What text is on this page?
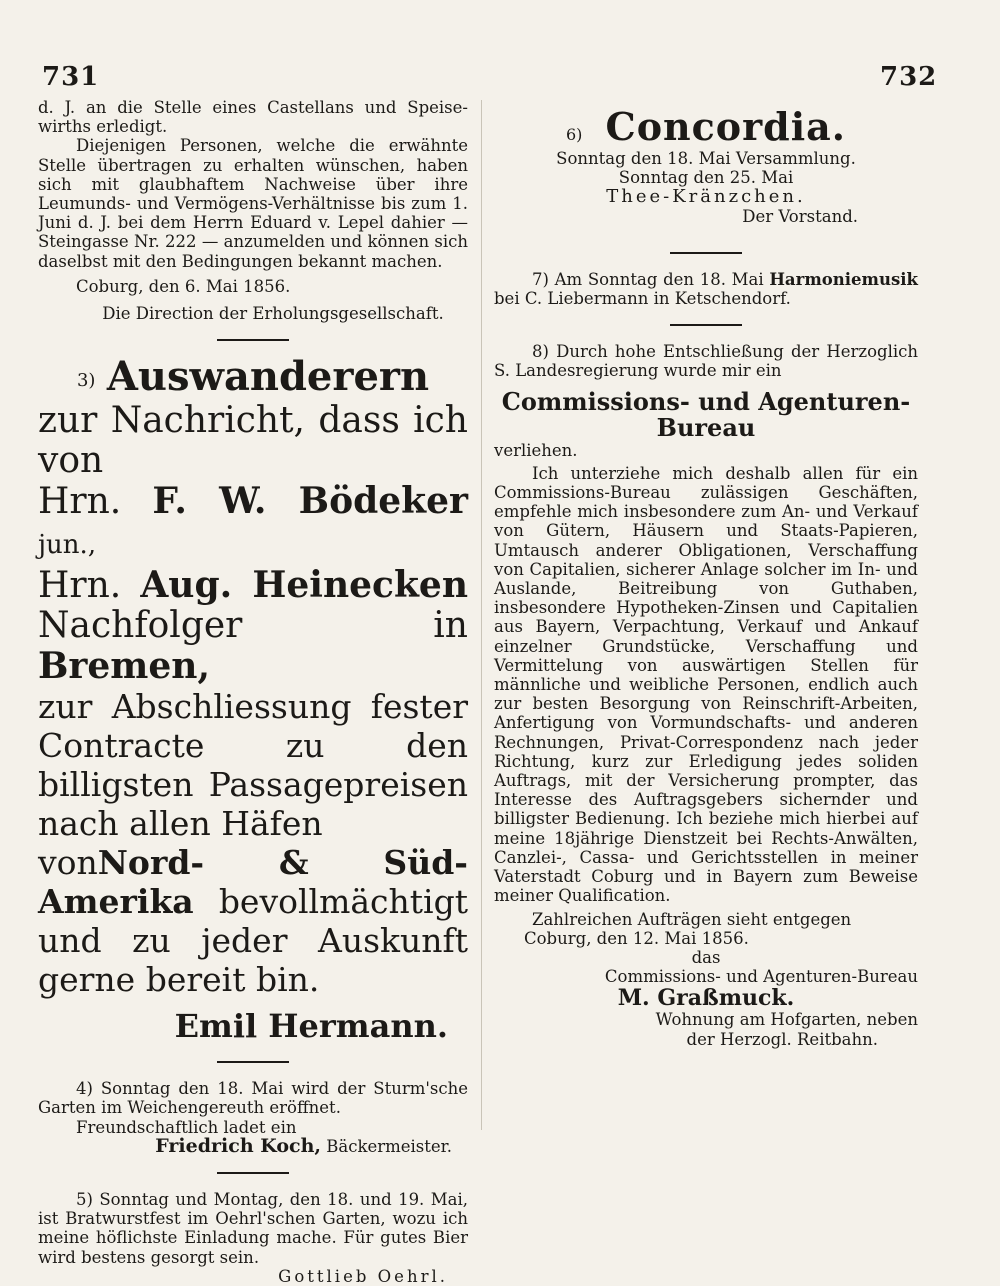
731	732

d. J. an die Stelle eines Castellans und Speisewirths erledigt.

Diejenigen Personen, welche die erwähnte Stelle übertragen zu erhalten wünschen, haben sich mit glaubhaftem Nachweise über ihre Leumunds- und Vermögens-Verhältnisse bis zum 1. Juni d. J. bei dem Herrn Eduard v. Lepel dahier — Steingasse Nr. 222 — anzumelden und können sich daselbst mit den Bedingungen bekannt machen.

Coburg, den 6. Mai 1856.

Die Direction der Erholungsgesellschaft.

3) Auswanderern
zur Nachricht, dass ich von
Hrn. F. W. Bödeker jun.,
Hrn. Aug. Heinecken
Nachfolger in Bremen,
zur Abschliessung fester Contracte zu den billigsten Passagepreisen nach allen Häfen
vonNord- & Süd-Amerika bevollmächtigt und zu jeder Auskunft gerne bereit bin.
Emil Hermann.

4) Sonntag den 18. Mai wird der Sturm'sche Garten im Weichengereuth eröffnet.

Freundschaftlich ladet ein

Friedrich Koch, Bäckermeister.

5) Sonntag und Montag, den 18. und 19. Mai, ist Bratwurstfest im Oehrl'schen Garten, wozu ich meine höflichste Einladung mache. Für gutes Bier wird bestens gesorgt sein.

Gottlieb Oehrl.

6) Concordia.

Sonntag den 18. Mai Versammlung.

Sonntag den 25. Mai

Thee-Kränzchen.

Der Vorstand.

7) Am Sonntag den 18. Mai Harmoniemusik bei C. Liebermann in Ketschendorf.

8) Durch hohe Entschließung der Herzoglich S. Landesregierung wurde mir ein

Commissions- und Agenturen-
Bureau

verliehen.

Ich unterziehe mich deshalb allen für ein Commissions-Bureau zulässigen Geschäften, empfehle mich insbesondere zum An- und Verkauf von Gütern, Häusern und Staats-Papieren, Umtausch anderer Obligationen, Verschaffung von Capitalien, sicherer Anlage solcher im In- und Auslande, Beitreibung von Guthaben, insbesondere Hypotheken-Zinsen und Capitalien aus Bayern, Verpachtung, Verkauf und Ankauf einzelner Grundstücke, Verschaffung und Vermittelung von auswärtigen Stellen für männliche und weibliche Personen, endlich auch zur besten Besorgung von Reinschrift-Arbeiten, Anfertigung von Vormundschafts- und anderen Rechnungen, Privat-Correspondenz nach jeder Richtung, kurz zur Erledigung jedes soliden Auftrags, mit der Versicherung prompter, das Interesse des Auftragsgebers sichernder und billigster Bedienung. Ich beziehe mich hierbei auf meine 18jährige Dienstzeit bei Rechts-Anwälten, Canzlei-, Cassa- und Gerichtsstellen in meiner Vaterstadt Coburg und in Bayern zum Beweise meiner Qualification.

Zahlreichen Aufträgen sieht entgegen

Coburg, den 12. Mai 1856.

das

Commissions- und Agenturen-Bureau

M. Graßmuck.

Wohnung am Hofgarten, neben

der Herzogl. Reitbahn.
